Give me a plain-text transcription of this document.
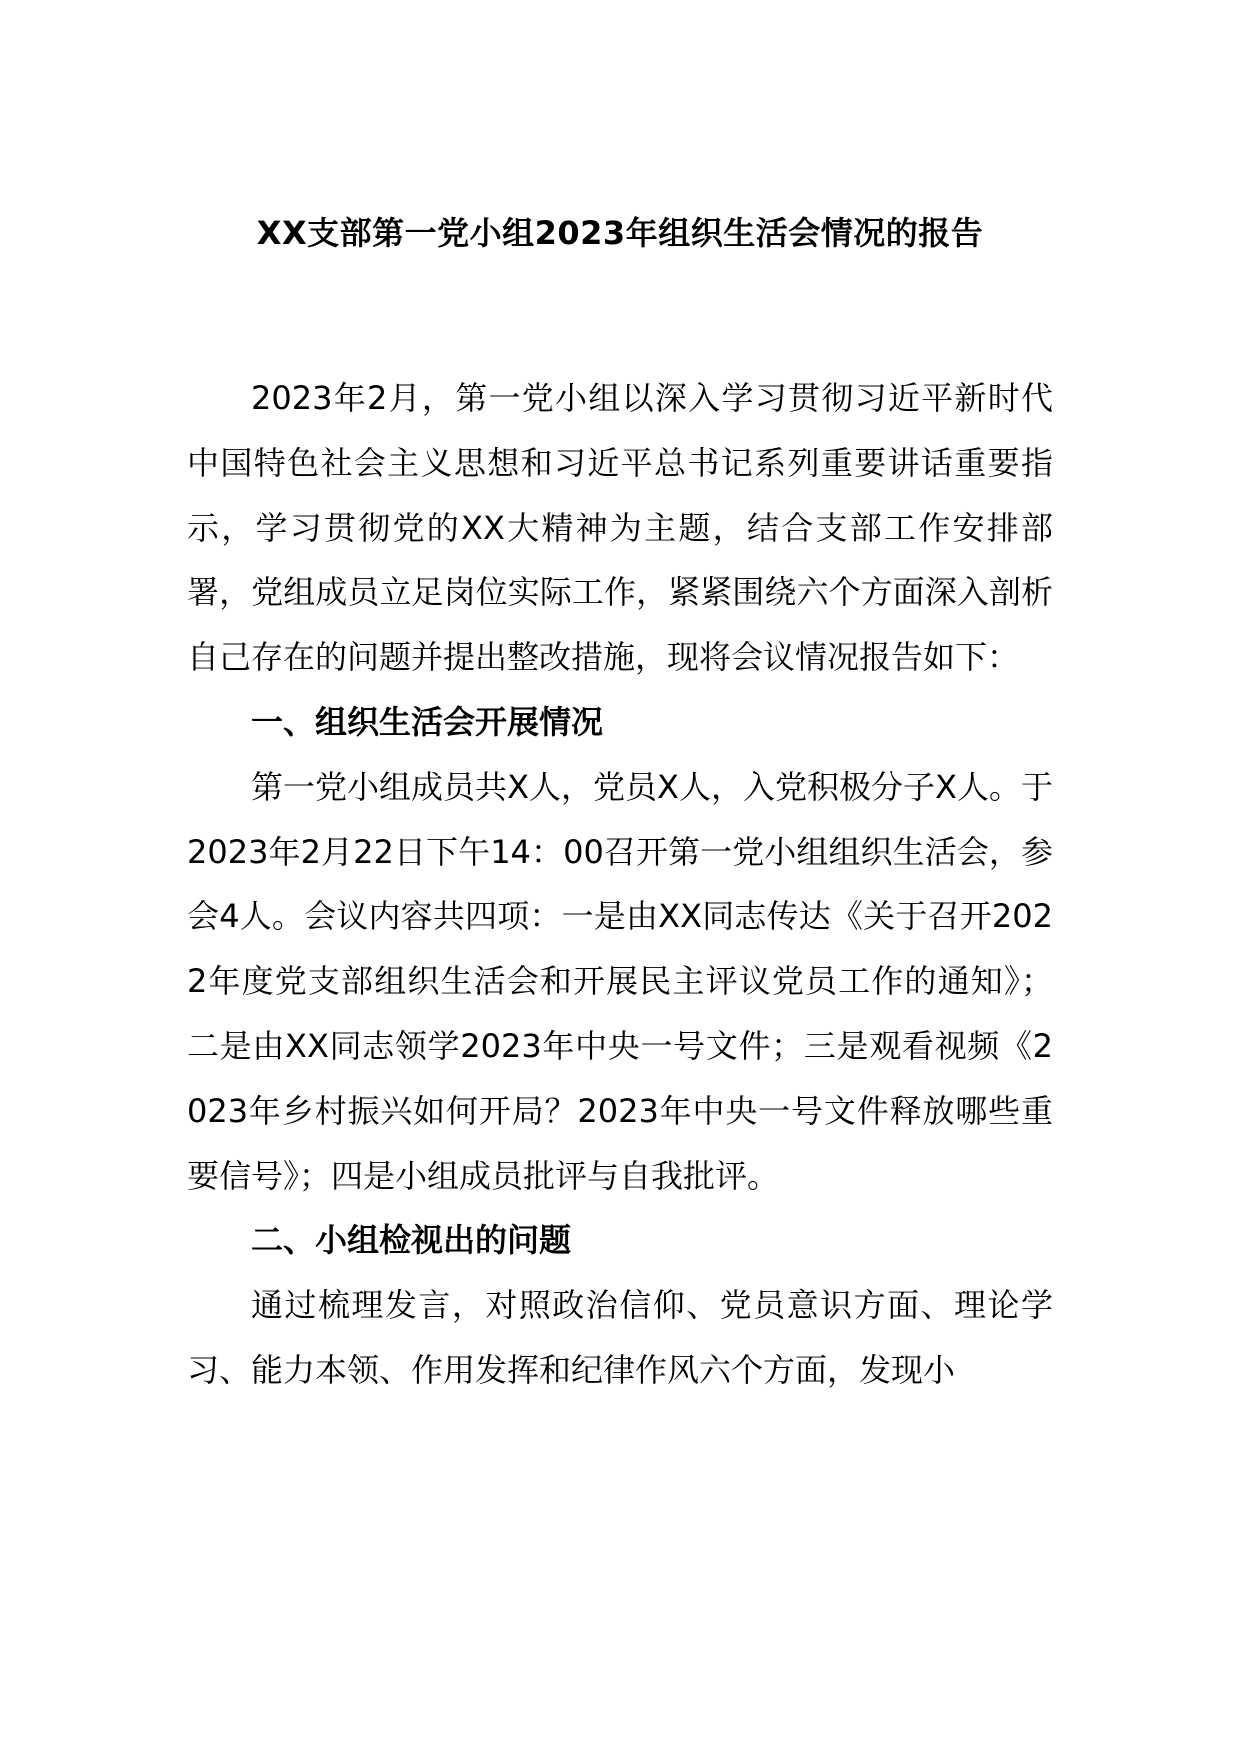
XX支部第一党小组2023年组织生活会情况的报告

2023年2月，第一党小组以深入学习贯彻习近平新时代中国特色社会主义思想和习近平总书记系列重要讲话重要指示，学习贯彻党的XX大精神为主题，结合支部工作安排部署，党组成员立足岗位实际工作，紧紧围绕六个方面深入剖析自己存在的问题并提出整改措施，现将会议情况报告如下：

一、组织生活会开展情况

第一党小组成员共X人，党员X人，入党积极分子X人。于2023年2月22日下午14：00召开第一党小组组织生活会，参会4人。会议内容共四项：一是由XX同志传达《关于召开2022年度党支部组织生活会和开展民主评议党员工作的通知》；二是由XX同志领学2023年中央一号文件；三是观看视频《2023年乡村振兴如何开局？2023年中央一号文件释放哪些重要信号》；四是小组成员批评与自我批评。

二、小组检视出的问题

通过梳理发言，对照政治信仰、党员意识方面、理论学习、能力本领、作用发挥和纪律作风六个方面，发现小
